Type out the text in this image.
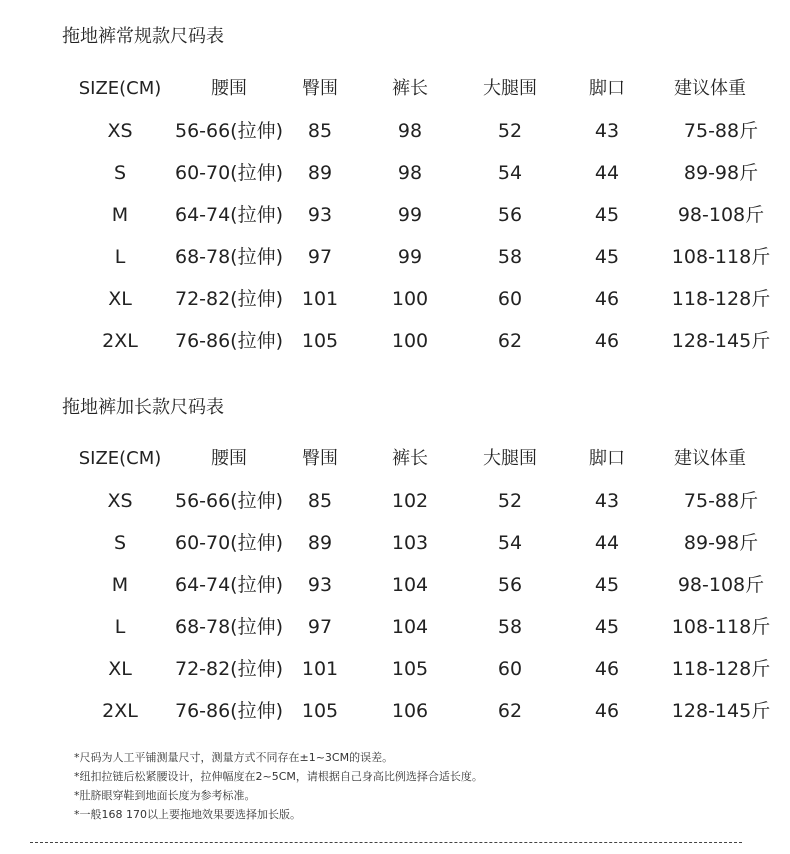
拖地裤常规款尺码表
SIZE(CM)	腰围	臀围	裤长	大腿围	脚口	建议体重
XS 56-66(拉伸) 85	98	52	43	75-88斤
S	60-70(拉伸) 89	98	54	44	89-98斤
M 64-74(拉伸) 93	99	56	45	98-108斤
L	68-78(拉伸) 97	99	58	45	108-118斤
XL 72-82(拉伸) 101	100	60	46	118-128斤
2XL 76-86(拉伸) 105	100	62	46	128-145斤
拖地裤加长款尺码表
SIZE(CM)	腰围	臀围	裤长	大腿围	脚口	建议体重
XS 56-66(拉伸) 85	102	52	43	75-88斤
S	60-70(拉伸) 89	103	54	44	89-98斤
M 64-74(拉伸) 93	104	56	45	98-108斤
L	68-78(拉伸) 97	104	58	45	108-118斤
XL 72-82(拉伸) 101	105	60	46	118-128斤
2XL 76-86(拉伸) 105	106	62	46	128-145斤
*尺码为人工平铺测量尺寸，测量方式不同存在±1~3CM的误差。
*纽扣拉链后松紧腰设计，拉伸幅度在2~5CM，请根据自己身高比例选择合适长度。
*肚脐眼穿鞋到地面长度为参考标准。
*一般168 170以上要拖地效果要选择加长版。
